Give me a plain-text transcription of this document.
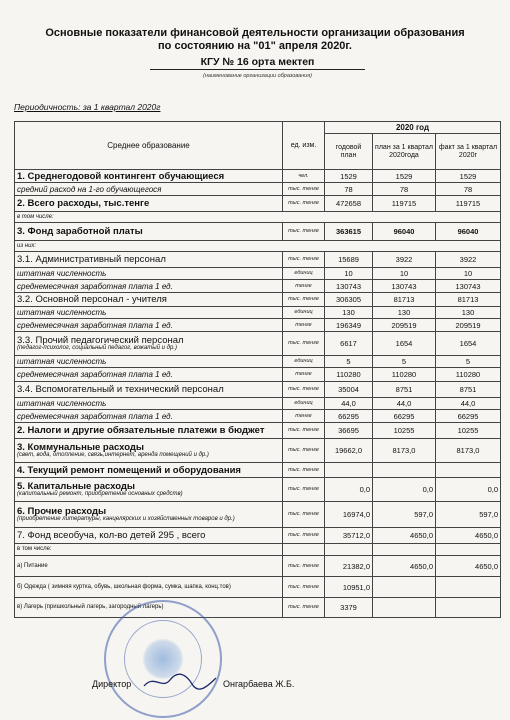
Основные показатели финансовой деятельности организации образования
по состоянию на "01" апреля 2020г.
КГУ № 16 орта мектеп
(наименование организации образования)
Периодичность: за 1 квартал 2020г
Среднее образование	ед. изм.	2020 год		
		годовой план	план за 1 квартал 2020года	факт за 1 квартал 2020г
1. Среднегодовой контингент обучающиеся	чел.	1529	1529	1529
средний расход на 1-го обучающегося	тыс. тенге	78	78	78
2. Всего расходы, тыс.тенге	тыс. тенге	472658	119715	119715
в том числе:				
3. Фонд заработной платы	тыс. тенге	363615	96040	96040
из них:				
3.1. Административный персонал	тыс. тенге	15689	3922	3922
штатная численность	единиц	10	10	10
среднемесячная заработная плата 1 ед.	тенге	130743	130743	130743
3.2. Основной персонал - учителя	тыс. тенге	306305	81713	81713
штатная численность	единиц	130	130	130
среднемесячная заработная плата 1 ед.	тенге	196349	209519	209519
3.3. Прочий педагогический персонал
(педагог-психолог, социальный педагог, вожатый и др.)	тыс. тенге	6617	1654	1654
штатная численность	единиц	5	5	5
среднемесячная заработная плата 1 ед.	тенге	110280	110280	110280
3.4. Вспомогательный и технический персонал	тыс. тенге	35004	8751	8751
штатная численность	единиц	44,0	44,0	44,0
среднемесячная заработная плата 1 ед.	тенге	66295	66295	66295
2. Налоги и другие обязательные платежи в бюджет	тыс. тенге	36695	10255	10255
3. Коммунальные расходы
(свет, вода, отопление, связь,интернет, аренда помещений и др.)	тыс. тенге	19662,0	8173,0	8173,0
4. Текущий ремонт помещений и оборудования	тыс. тенге			
5. Капитальные расходы
(капитальный ремонт, приобретение основных средств)	тыс. тенге	0,0	0,0	0,0
6. Прочие расходы
(приобретение литературы, канцелярских и хозяйственных товаров и др.)	тыс. тенге	16974,0	597,0	597,0
7. Фонд всеобуча, кол-во детей 295 , всего	тыс. тенге	35712,0	4650,0	4650,0
в том числе:				
а) Питание	тыс. тенге	21382,0	4650,0	4650,0
б) Одежда ( зимняя куртка, обувь, школьная форма, сумка, шапка, конц.тов)	тыс. тенге	10951,0		
в) Лагерь (пришкольный лагерь, загородный лагерь)	тыс. тенге	3379		
Директор	Онгарбаева Ж.Б.
